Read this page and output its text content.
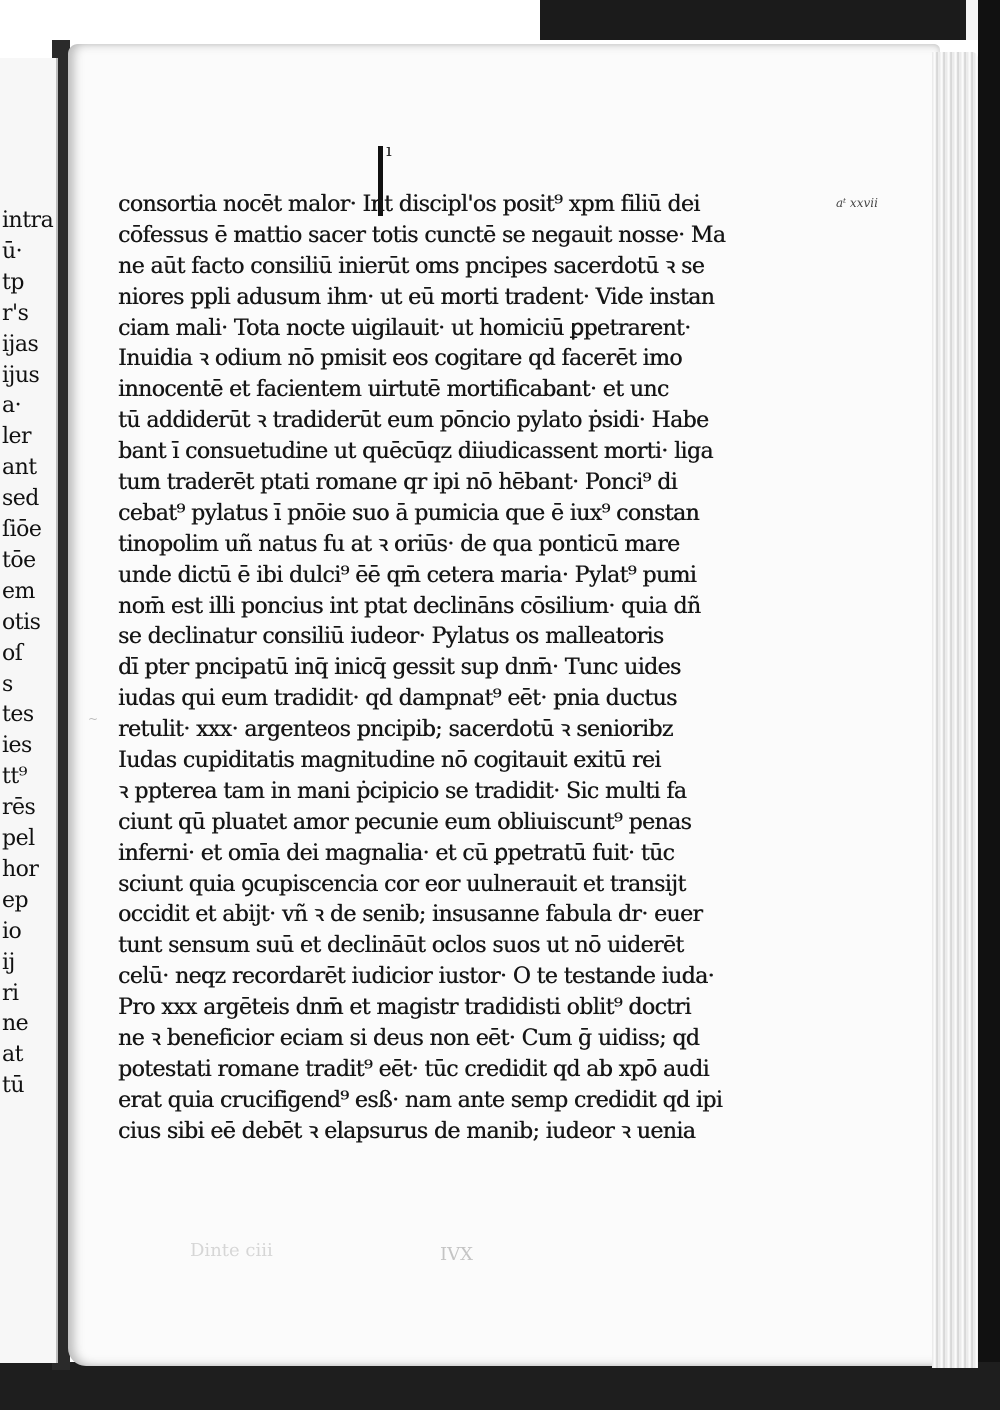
intra
ū·
tp
r's
ijas
ijus
a·
ler
ant
sed
ſiōe
tōe
em
otis
oſ
s
tes
ies
tt⁹
rēs
pel
hor
ep
io
ij
ri
ne
at
tū
ı
aᵗ xxvii
consortia nocēt malor· Int discipl'os posit⁹ xpm filiū dei
cōfessus ē mattio sacer totis cunctē se negauit nosse· Ma
ne aūt facto consiliū inierūt oms pncipes sacerdotū ꝛ se
niores ppli adusum ihm· ut eū morti tradent· Vide instan
ciam mali· Tota nocte uigilauit· ut homiciū ꝑpetrarent·
Inuidia ꝛ odium nō pmisit eos cogitare qd facerēt imo
innocentē et facientem uirtutē mortificabant· et unc
tū addiderūt ꝛ tradiderūt eum pōncio pylato ṗsidi· Habe
bant ī consuetudine ut quēcūqz diiudicassent morti· liga
tum traderēt ptati romane qr ipi nō hēbant· Ponci⁹ di
cebat⁹ pylatus ī pnōie suo ā pumicia que ē iux⁹ constan
tinopolim uñ natus fu at ꝛ oriūs· de qua ponticū mare
unde dictū ē ibi dulci⁹ ēē qm̄ cetera maria· Pylat⁹ pumi
nom̄ est illi poncius int ptat declināns cōsilium· quia dñ
se declinatur consiliū iudeor· Pylatus os malleatoris
dī pter pncipatū inq̄ inicq̄ gessit sup dnm̄· Tunc uides
iudas qui eum tradidit· qd dampnat⁹ eēt· pnia ductus
retulit· xxx· argenteos pncipib; sacerdotū ꝛ senioribz
Iudas cupiditatis magnitudine nō cogitauit exitū rei
ꝛ ppterea tam in mani ṗcipicio se tradidit· Sic multi fa
ciunt qū pluatet amor pecunie eum obliuiscunt⁹ penas
inferni· et omīa dei magnalia· et cū ꝑpetratū fuit· tūc
sciunt quia ꝯcupiscencia cor eor uulnerauit et transijt
occidit et abijt· vñ ꝛ de senib; insusanne fabula dr· euer
tunt sensum suū et declināūt oclos suos ut nō uiderēt
celū· neqz recordarēt iudicior iustor· O te testande iuda·
Pro xxx argēteis dnm̄ et magistr tradidisti oblit⁹ doctri
ne ꝛ beneficior eciam si deus non eēt· Cum ḡ uidiss; qd
potestati romane tradit⁹ eēt· tūc credidit qd ab xpō audi
erat quia crucifigend⁹ esß· nam ante semp credidit qd ipi
cius sibi eē debēt ꝛ elapsurus de manib; iudeor ꝛ uenia
~
Dinte ciii	IVX
